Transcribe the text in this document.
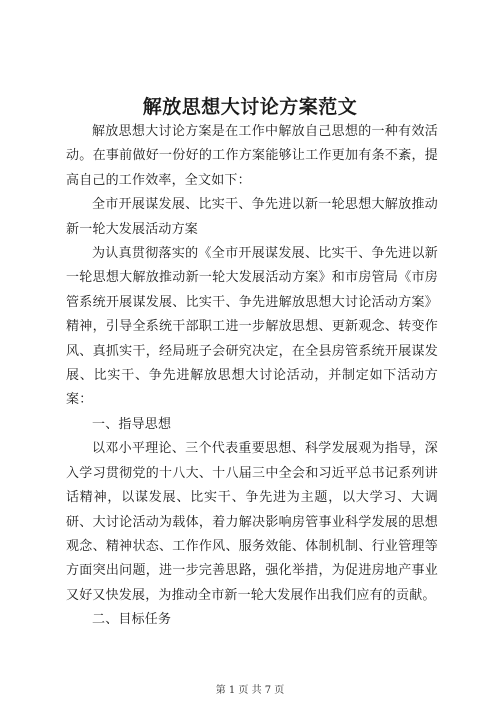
解放思想大讨论方案范文

解放思想大讨论方案是在工作中解放自己思想的一种有效活动。在事前做好一份好的工作方案能够让工作更加有条不紊，提高自己的工作效率，全文如下：

全市开展谋发展、比实干、争先进以新一轮思想大解放推动新一轮大发展活动方案

为认真贯彻落实的《全市开展谋发展、比实干、争先进以新一轮思想大解放推动新一轮大发展活动方案》和市房管局《市房管系统开展谋发展、比实干、争先进解放思想大讨论活动方案》精神，引导全系统干部职工进一步解放思想、更新观念、转变作风、真抓实干，经局班子会研究决定，在全县房管系统开展谋发展、比实干、争先进解放思想大讨论活动，并制定如下活动方案：

一、指导思想

以邓小平理论、三个代表重要思想、科学发展观为指导，深入学习贯彻党的十八大、十八届三中全会和习近平总书记系列讲话精神，以谋发展、比实干、争先进为主题，以大学习、大调研、大讨论活动为载体，着力解决影响房管事业科学发展的思想观念、精神状态、工作作风、服务效能、体制机制、行业管理等方面突出问题，进一步完善思路，强化举措，为促进房地产事业又好又快发展，为推动全市新一轮大发展作出我们应有的贡献。

二、目标任务

第 1 页 共 7 页
